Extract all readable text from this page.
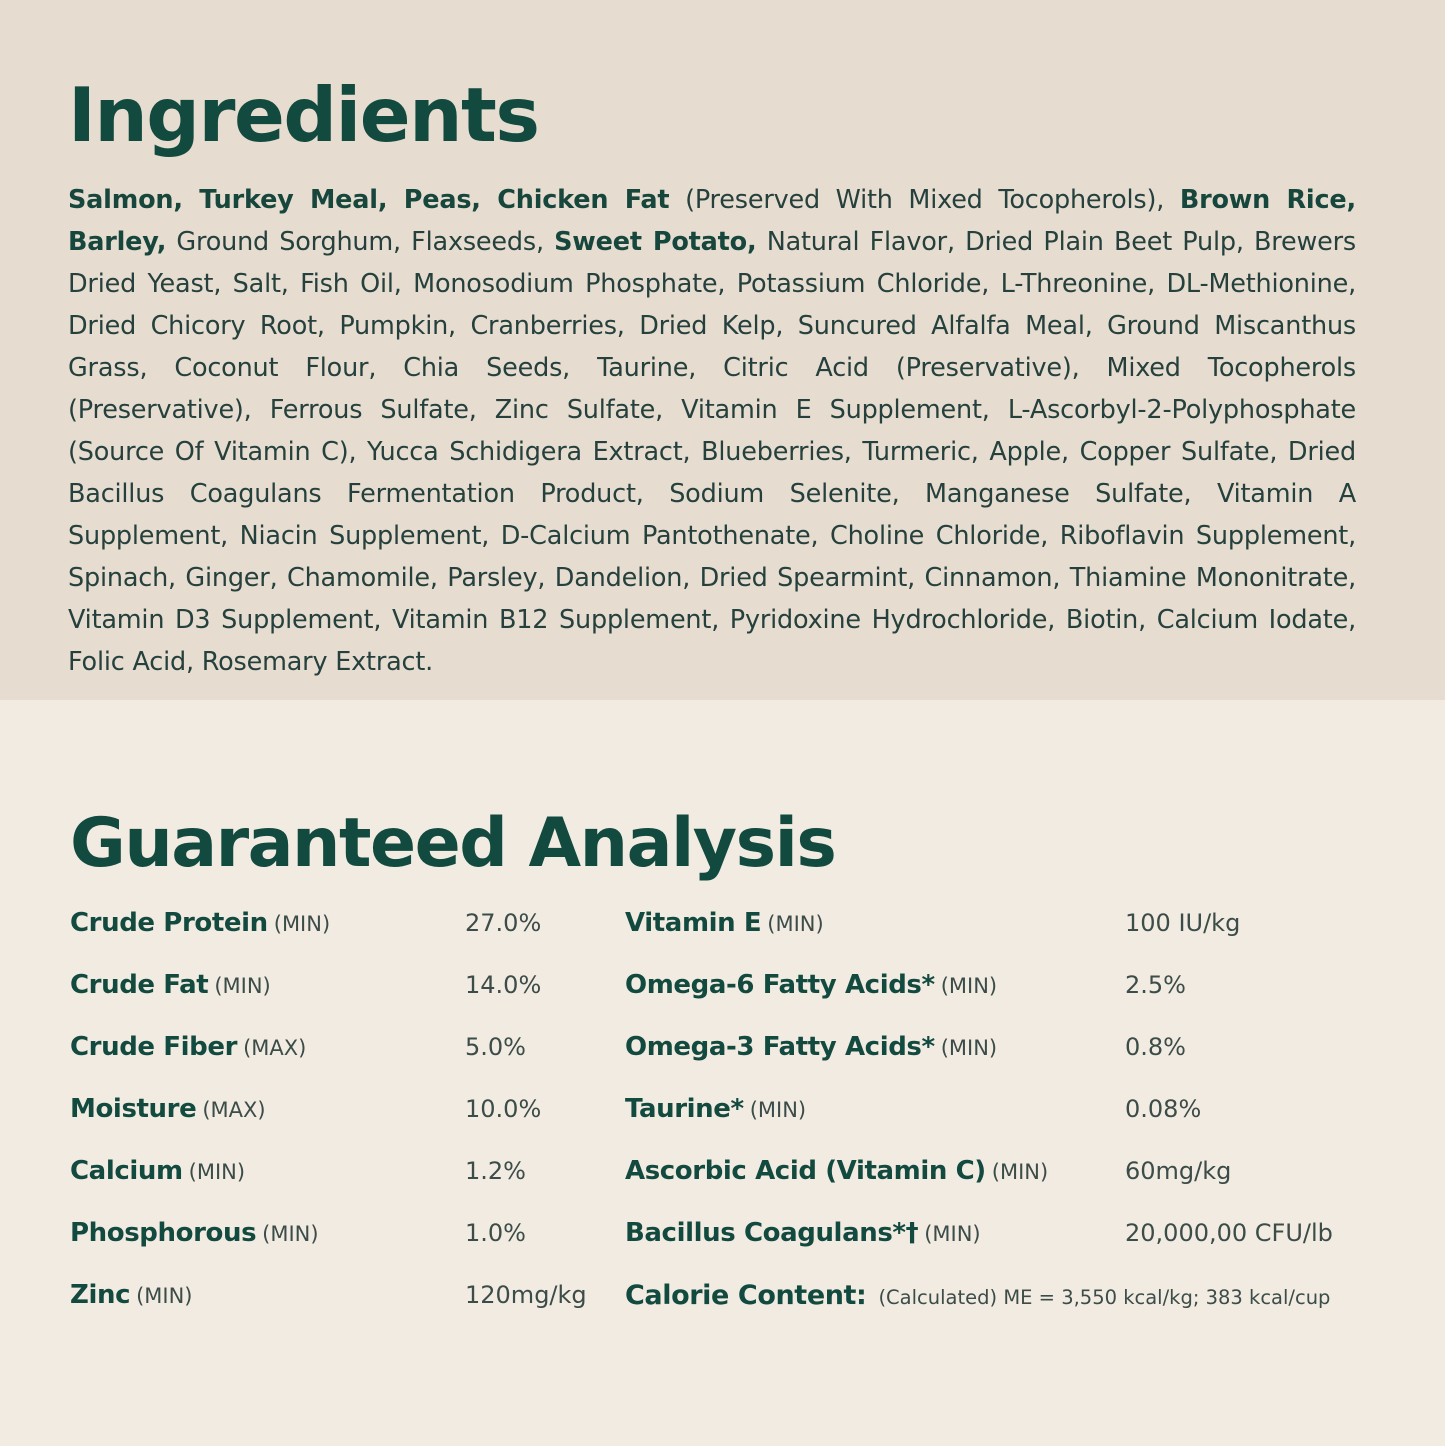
Ingredients

Salmon, Turkey Meal, Peas, Chicken Fat (Preserved With Mixed Tocopherols), Brown Rice, Barley, Ground Sorghum, Flaxseeds, Sweet Potato, Natural Flavor, Dried Plain Beet Pulp, Brewers Dried Yeast, Salt, Fish Oil, Monosodium Phosphate, Potassium Chloride, L-Threonine, DL-Methionine, Dried Chicory Root, Pumpkin, Cranberries, Dried Kelp, Suncured Alfalfa Meal, Ground Miscanthus Grass, Coconut Flour, Chia Seeds, Taurine, Citric Acid (Preservative), Mixed Tocopherols (Preservative), Ferrous Sulfate, Zinc Sulfate, Vitamin E Supplement, L-Ascorbyl-2-Polyphosphate (Source Of Vitamin C), Yucca Schidigera Extract, Blueberries, Turmeric, Apple, Copper Sulfate, Dried Bacillus Coagulans Fermentation Product, Sodium Selenite, Manganese Sulfate, Vitamin A Supplement, Niacin Supplement, D-Calcium Pantothenate, Choline Chloride, Riboflavin Supplement, Spinach, Ginger, Chamomile, Parsley, Dandelion, Dried Spearmint, Cinnamon, Thiamine Mononitrate, Vitamin D3 Supplement, Vitamin B12 Supplement, Pyridoxine Hydrochloride, Biotin, Calcium Iodate, Folic Acid, Rosemary Extract.

Guaranteed Analysis
Crude Protein (MIN)	27.0%
Crude Fat (MIN)	14.0%
Crude Fiber (MAX)	5.0%
Moisture (MAX)	10.0%
Calcium (MIN)	1.2%
Phosphorous (MIN)	1.0%
Zinc (MIN)	120mg/kg
Vitamin E (MIN)	100 IU/kg
Omega-6 Fatty Acids* (MIN)	2.5%
Omega-3 Fatty Acids* (MIN)	0.8%
Taurine* (MIN)	0.08%
Ascorbic Acid (Vitamin C) (MIN)	60mg/kg
Bacillus Coagulans*† (MIN)	20,000,00 CFU/lb
Calorie Content: (Calculated) ME = 3,550 kcal/kg; 383 kcal/cup
